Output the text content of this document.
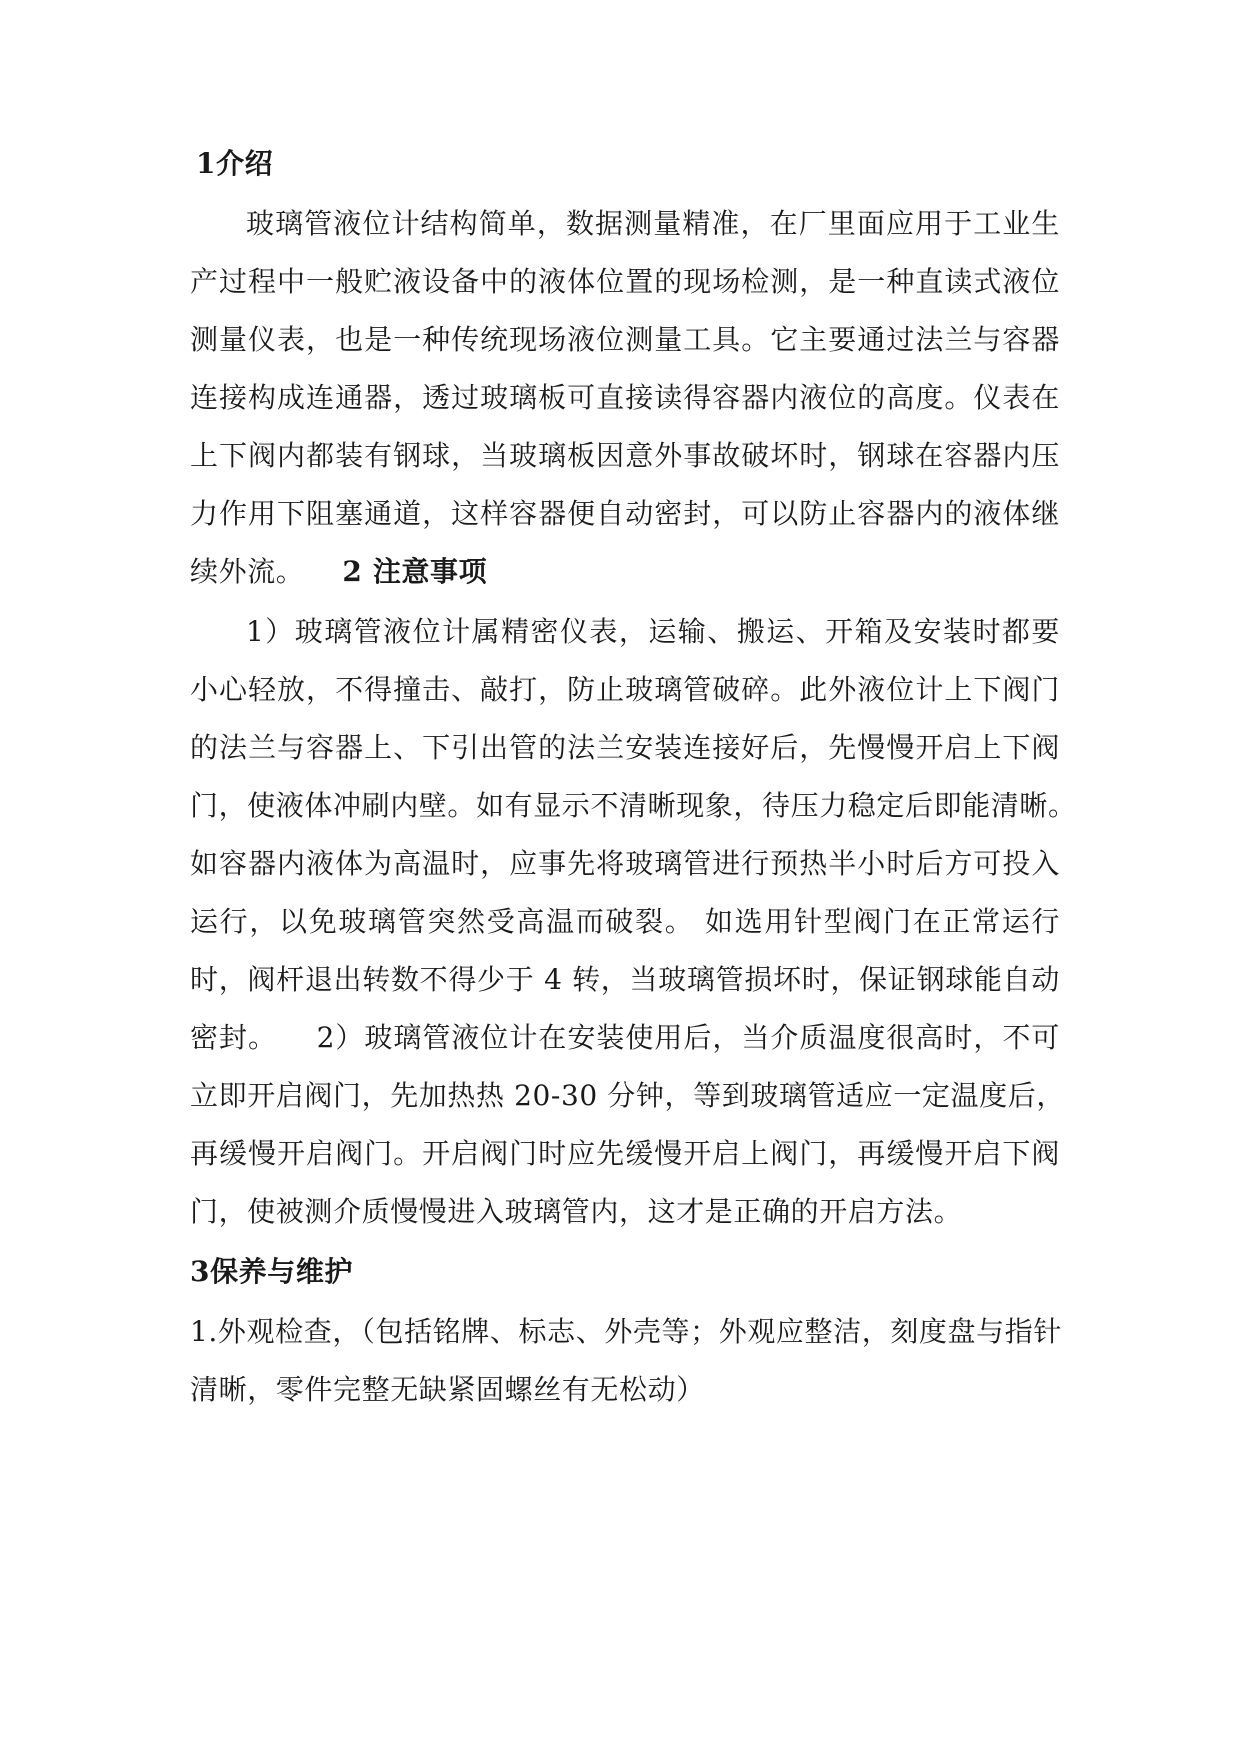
1介绍
玻璃管液位计结构简单，数据测量精准，在厂里面应用于工业生
产过程中一般贮液设备中的液体位置的现场检测，是一种直读式液位
测量仪表，也是一种传统现场液位测量工具。它主要通过法兰与容器
连接构成连通器，透过玻璃板可直接读得容器内液位的高度。仪表在
上下阀内都装有钢球，当玻璃板因意外事故破坏时，钢球在容器内压
力作用下阻塞通道，这样容器便自动密封，可以防止容器内的液体继
续外流。 2 注意事项
1）玻璃管液位计属精密仪表，运输、搬运、开箱及安装时都要
小心轻放，不得撞击、敲打，防止玻璃管破碎。此外液位计上下阀门
的法兰与容器上、下引出管的法兰安装连接好后，先慢慢开启上下阀
门，使液体冲刷内壁。如有显示不清晰现象，待压力稳定后即能清晰。
如容器内液体为高温时，应事先将玻璃管进行预热半小时后方可投入
运行，以免玻璃管突然受高温而破裂。 如选用针型阀门在正常运行
时，阀杆退出转数不得少于 4 转，当玻璃管损坏时，保证钢球能自动
密封。    2）玻璃管液位计在安装使用后，当介质温度很高时，不可
立即开启阀门，先加热热 20-30 分钟，等到玻璃管适应一定温度后，
再缓慢开启阀门。开启阀门时应先缓慢开启上阀门，再缓慢开启下阀
门，使被测介质慢慢进入玻璃管内，这才是正确的开启方法。
3保养与维护
1.外观检查，（包括铭牌、标志、外壳等；外观应整洁，刻度盘与指针
清晰，零件完整无缺紧固螺丝有无松动）
